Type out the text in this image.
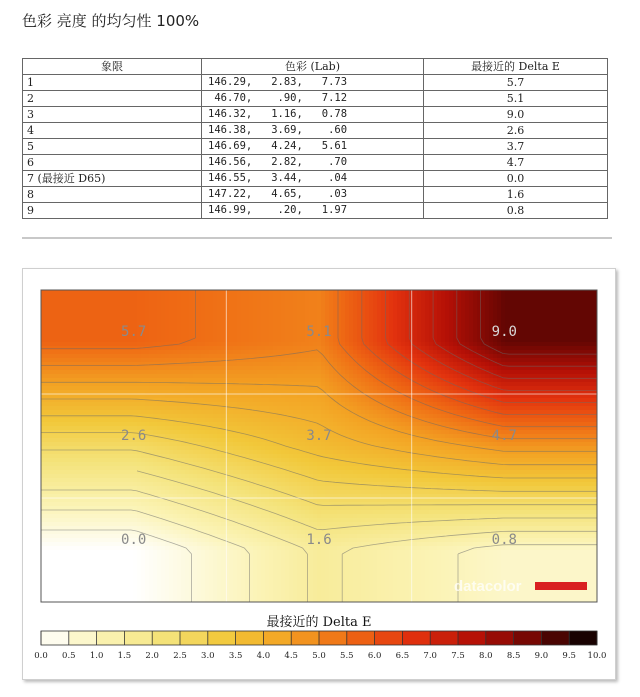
色彩 亮度 的均匀性 100%
象限	色彩 (Lab)	最接近的 Delta E
1	146.29,   2.83,   7.73	5.7
2	46.70,    .90,   7.12	5.1
3	146.32,   1.16,   0.78	9.0
4	146.38,   3.69,    .60	2.6
5	146.69,   4.24,   5.61	3.7
6	146.56,   2.82,    .70	4.7
7 (最接近 D65)	146.55,   3.44,    .04	0.0
8	147.22,   4.65,    .03	1.6
9	146.99,    .20,   1.97	0.8
5.7	5.1	9.0
2.6	3.7	4.7
0.0	1.6	0.8
datacolor
最接近的 Delta E
0.0 0.5 1.0 1.5 2.0 2.5 3.0 3.5 4.0 4.5 5.0 5.5 6.0 6.5 7.0 7.5 8.0 8.5 9.0 9.5 10.0
